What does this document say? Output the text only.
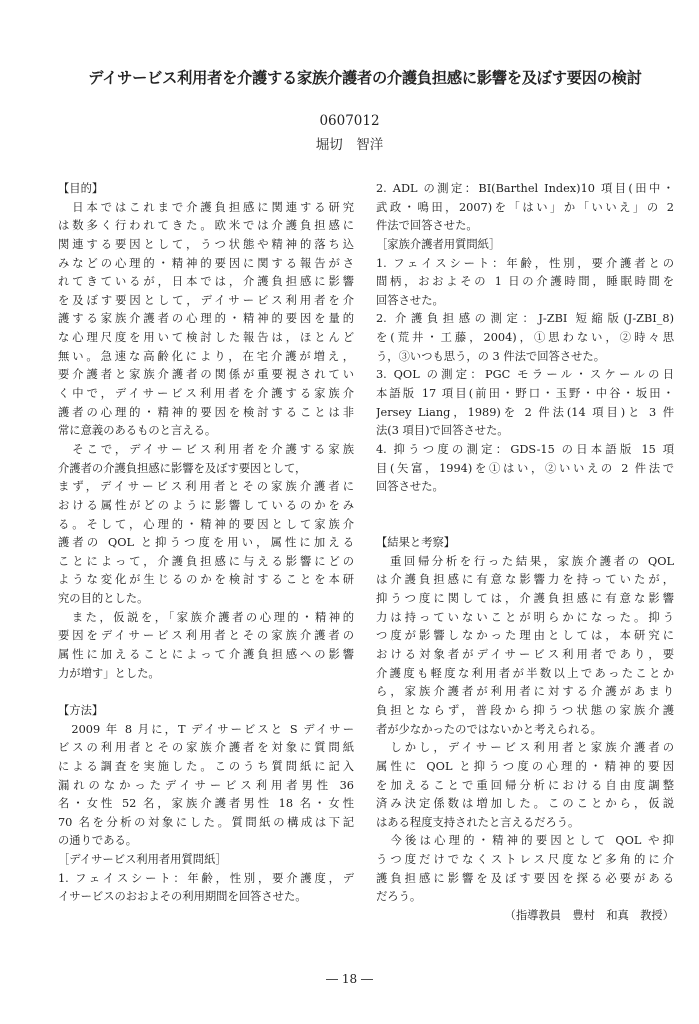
デイサービス利用者を介護する家族介護者の介護負担感に影響を及ぼす要因の検討
0607012
堀切　智洋
【目的】
　日本ではこれまで介護負担感に関連する研究
は数多く行われてきた。欧米では介護負担感に
関連する要因として，うつ状態や精神的落ち込
みなどの心理的・精神的要因に関する報告がさ
れてきているが，日本では，介護負担感に影響
を及ぼす要因として，デイサービス利用者を介
護する家族介護者の心理的・精神的要因を量的
な心理尺度を用いて検討した報告は，ほとんど
無い。急速な高齢化により，在宅介護が増え，
要介護者と家族介護者の関係が重要視されてい
く中で，デイサービス利用者を介護する家族介
護者の心理的・精神的要因を検討することは非
常に意義のあるものと言える。
　そこで，デイサービス利用者を介護する家族
介護者の介護負担感に影響を及ぼす要因として，
まず，デイサービス利用者とその家族介護者に
おける属性がどのように影響しているのかをみ
る。そして，心理的・精神的要因として家族介
護者の QOL と抑うつ度を用い，属性に加える
ことによって，介護負担感に与える影響にどの
ような変化が生じるのかを検討することを本研
究の目的とした。
　また，仮説を，「家族介護者の心理的・精神的
要因をデイサービス利用者とその家族介護者の
属性に加えることによって介護負担感への影響
力が増す」とした。

【方法】
　2009 年 8 月に，T デイサービスと S デイサー
ビスの利用者とその家族介護者を対象に質問紙
による調査を実施した。このうち質問紙に記入
漏れのなかったデイサービス利用者男性 36
名・女性 52 名，家族介護者男性 18 名・女性
70 名を分析の対象にした。質問紙の構成は下記
の通りである。
［デイサービス利用者用質問紙］
1. フェイスシート：年齢，性別，要介護度，デ
イサービスのおおよその利用期間を回答させた。
2. ADL の測定：BI(Barthel Index)10 項目(田中・
武政・鳴田，2007)を「はい」か「いいえ」の 2
件法で回答させた。
［家族介護者用質問紙］
1. フェイスシート：年齢，性別，要介護者との
間柄，おおよその 1 日の介護時間，睡眠時間を
回答させた。
2. 介護負担感の測定：J-ZBI 短縮版(J-ZBI_8)
を(荒井・工藤，2004)，①思わない，②時々思
う，③いつも思う，の 3 件法で回答させた。
3. QOL の測定：PGC モラール・スケールの日
本語版 17 項目(前田・野口・玉野・中谷・坂田・
Jersey Liang，1989)を 2 件法(14 項目)と 3 件
法(3 項目)で回答させた。
4. 抑うつ度の測定：GDS-15 の日本語版 15 項
目(矢富，1994)を①はい，②いいえの 2 件法で
回答させた。

【結果と考察】
　重回帰分析を行った結果，家族介護者の QOL
は介護負担感に有意な影響力を持っていたが，
抑うつ度に関しては，介護負担感に有意な影響
力は持っていないことが明らかになった。抑う
つ度が影響しなかった理由としては，本研究に
おける対象者がデイサービス利用者であり，要
介護度も軽度な利用者が半数以上であったことか
ら，家族介護者が利用者に対する介護があまり
負担とならず，普段から抑うつ状態の家族介護
者が少なかったのではないかと考えられる。
　しかし，デイサービス利用者と家族介護者の
属性に QOL と抑うつ度の心理的・精神的要因
を加えることで重回帰分析における自由度調整
済み決定係数は増加した。このことから，仮説
はある程度支持されたと言えるだろう。
　今後は心理的・精神的要因として QOL や抑
うつ度だけでなくストレス尺度など多角的に介
護負担感に影響を及ぼす要因を探る必要がある
だろう。
（指導教員　豊村　和真　教授）
― 18 ―
